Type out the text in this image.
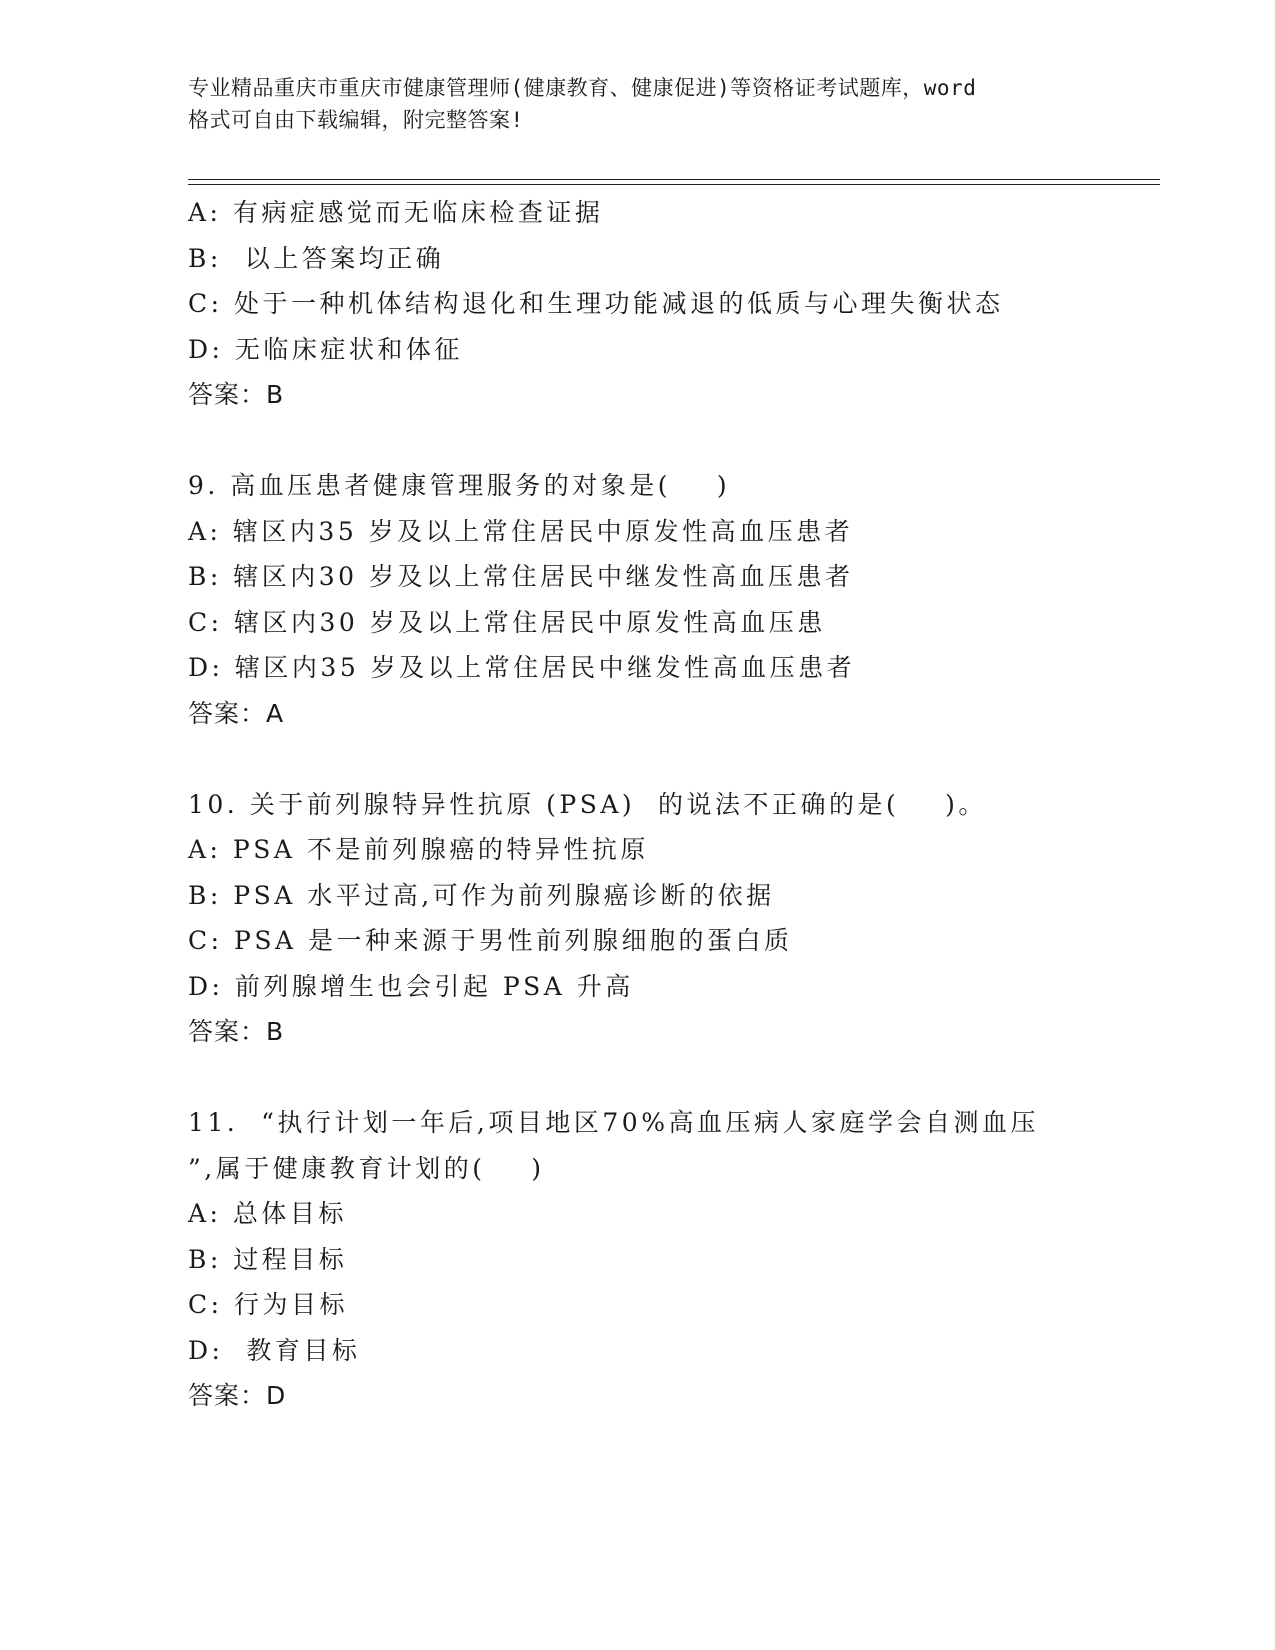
专业精品重庆市重庆市健康管理师(健康教育、健康促进)等资格证考试题库，word
格式可自由下载编辑，附完整答案!

A: 有病症感觉而无临床检查证据

B:  以上答案均正确

C: 处于一种机体结构退化和生理功能减退的低质与心理失衡状态

D: 无临床症状和体征

答案：B

9. 高血压患者健康管理服务的对象是(    )

A: 辖区内35 岁及以上常住居民中原发性高血压患者

B: 辖区内30 岁及以上常住居民中继发性高血压患者

C: 辖区内30 岁及以上常住居民中原发性高血压患

D: 辖区内35 岁及以上常住居民中继发性高血压患者

答案：A

10. 关于前列腺特异性抗原 (PSA)  的说法不正确的是(    )。

A: PSA 不是前列腺癌的特异性抗原

B: PSA 水平过高,可作为前列腺癌诊断的依据

C: PSA 是一种来源于男性前列腺细胞的蛋白质

D: 前列腺增生也会引起 PSA 升高

答案：B

11.  “执行计划一年后,项目地区70%高血压病人家庭学会自测血压

”,属于健康教育计划的(    )

A: 总体目标

B: 过程目标

C: 行为目标

D:  教育目标

答案：D
